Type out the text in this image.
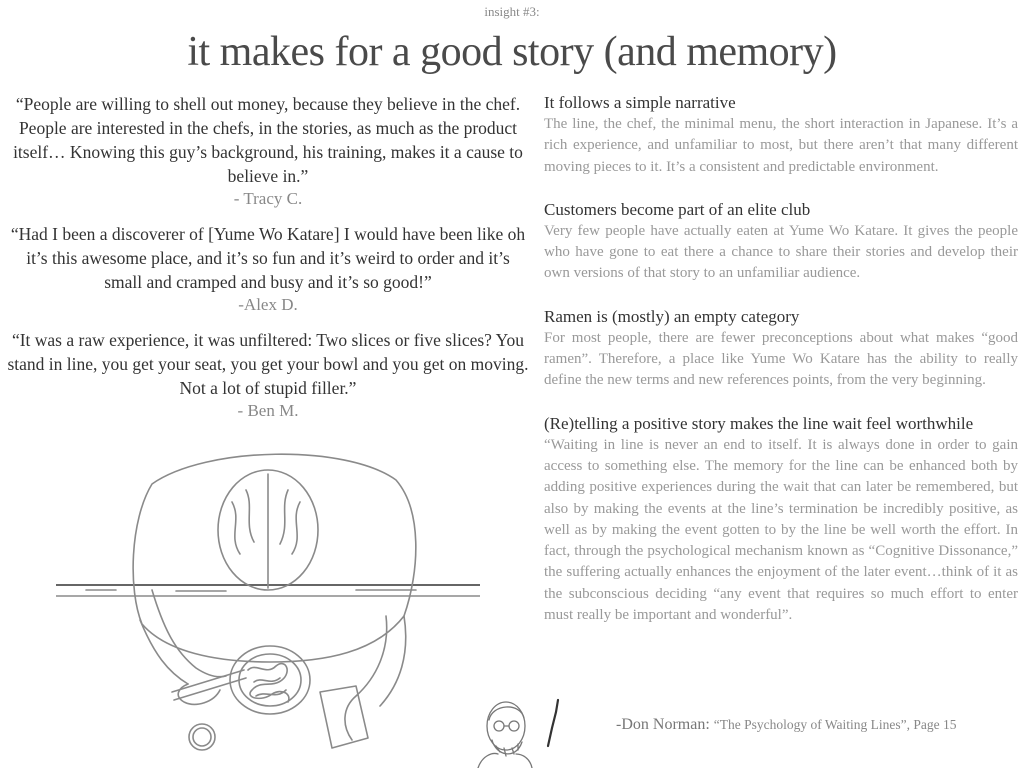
insight #3:
it makes for a good story (and memory)
“People are willing to shell out money, because they believe in the chef. People are interested in the chefs, in the stories, as much as the product itself… Knowing this guy’s background, his training, makes it a cause to believe in.”
- Tracy C.
“Had I been a discoverer of [Yume Wo Katare] I would have been like oh it’s this awesome place, and it’s so fun and it’s weird to order and it’s small and cramped and busy and it’s so good!”
-Alex D.
“It was a raw experience, it was unfiltered: Two slices or five slices? You stand in line, you get your seat, you get your bowl and you get on moving. Not a lot of stupid filler.”
- Ben M.
It follows a simple narrative
The line, the chef, the minimal menu, the short interaction in Japanese. It’s a rich experience, and unfamiliar to most, but there aren’t that many different moving pieces to it. It’s a consistent and predictable environment.
Customers become part of an elite club
Very few people have actually eaten at Yume Wo Katare. It gives the people who have gone to eat there a chance to share their stories and develop their own versions of that story to an unfamiliar audience.
Ramen is (mostly) an empty category
For most people, there are fewer preconceptions about what makes “good ramen”. Therefore, a place like Yume Wo Katare has the ability to really define the new terms and new references points, from the very beginning.
(Re)telling a positive story makes the line wait feel worthwhile
“Waiting in line is never an end to itself. It is always done in order to gain access to something else. The memory for the line can be enhanced both by adding positive experiences during the wait that can later be remembered, but also by making the events at the line’s termination be incredibly positive, as well as by making the event gotten to by the line be well worth the effort. In fact, through the psychological mechanism known as “Cognitive Dissonance,” the suffering actually enhances the enjoyment of the later event…think of it as the subconscious deciding “any event that requires so much effort to enter must really be important and wonderful”.
-Don Norman: “The Psychology of Waiting Lines”, Page 15
